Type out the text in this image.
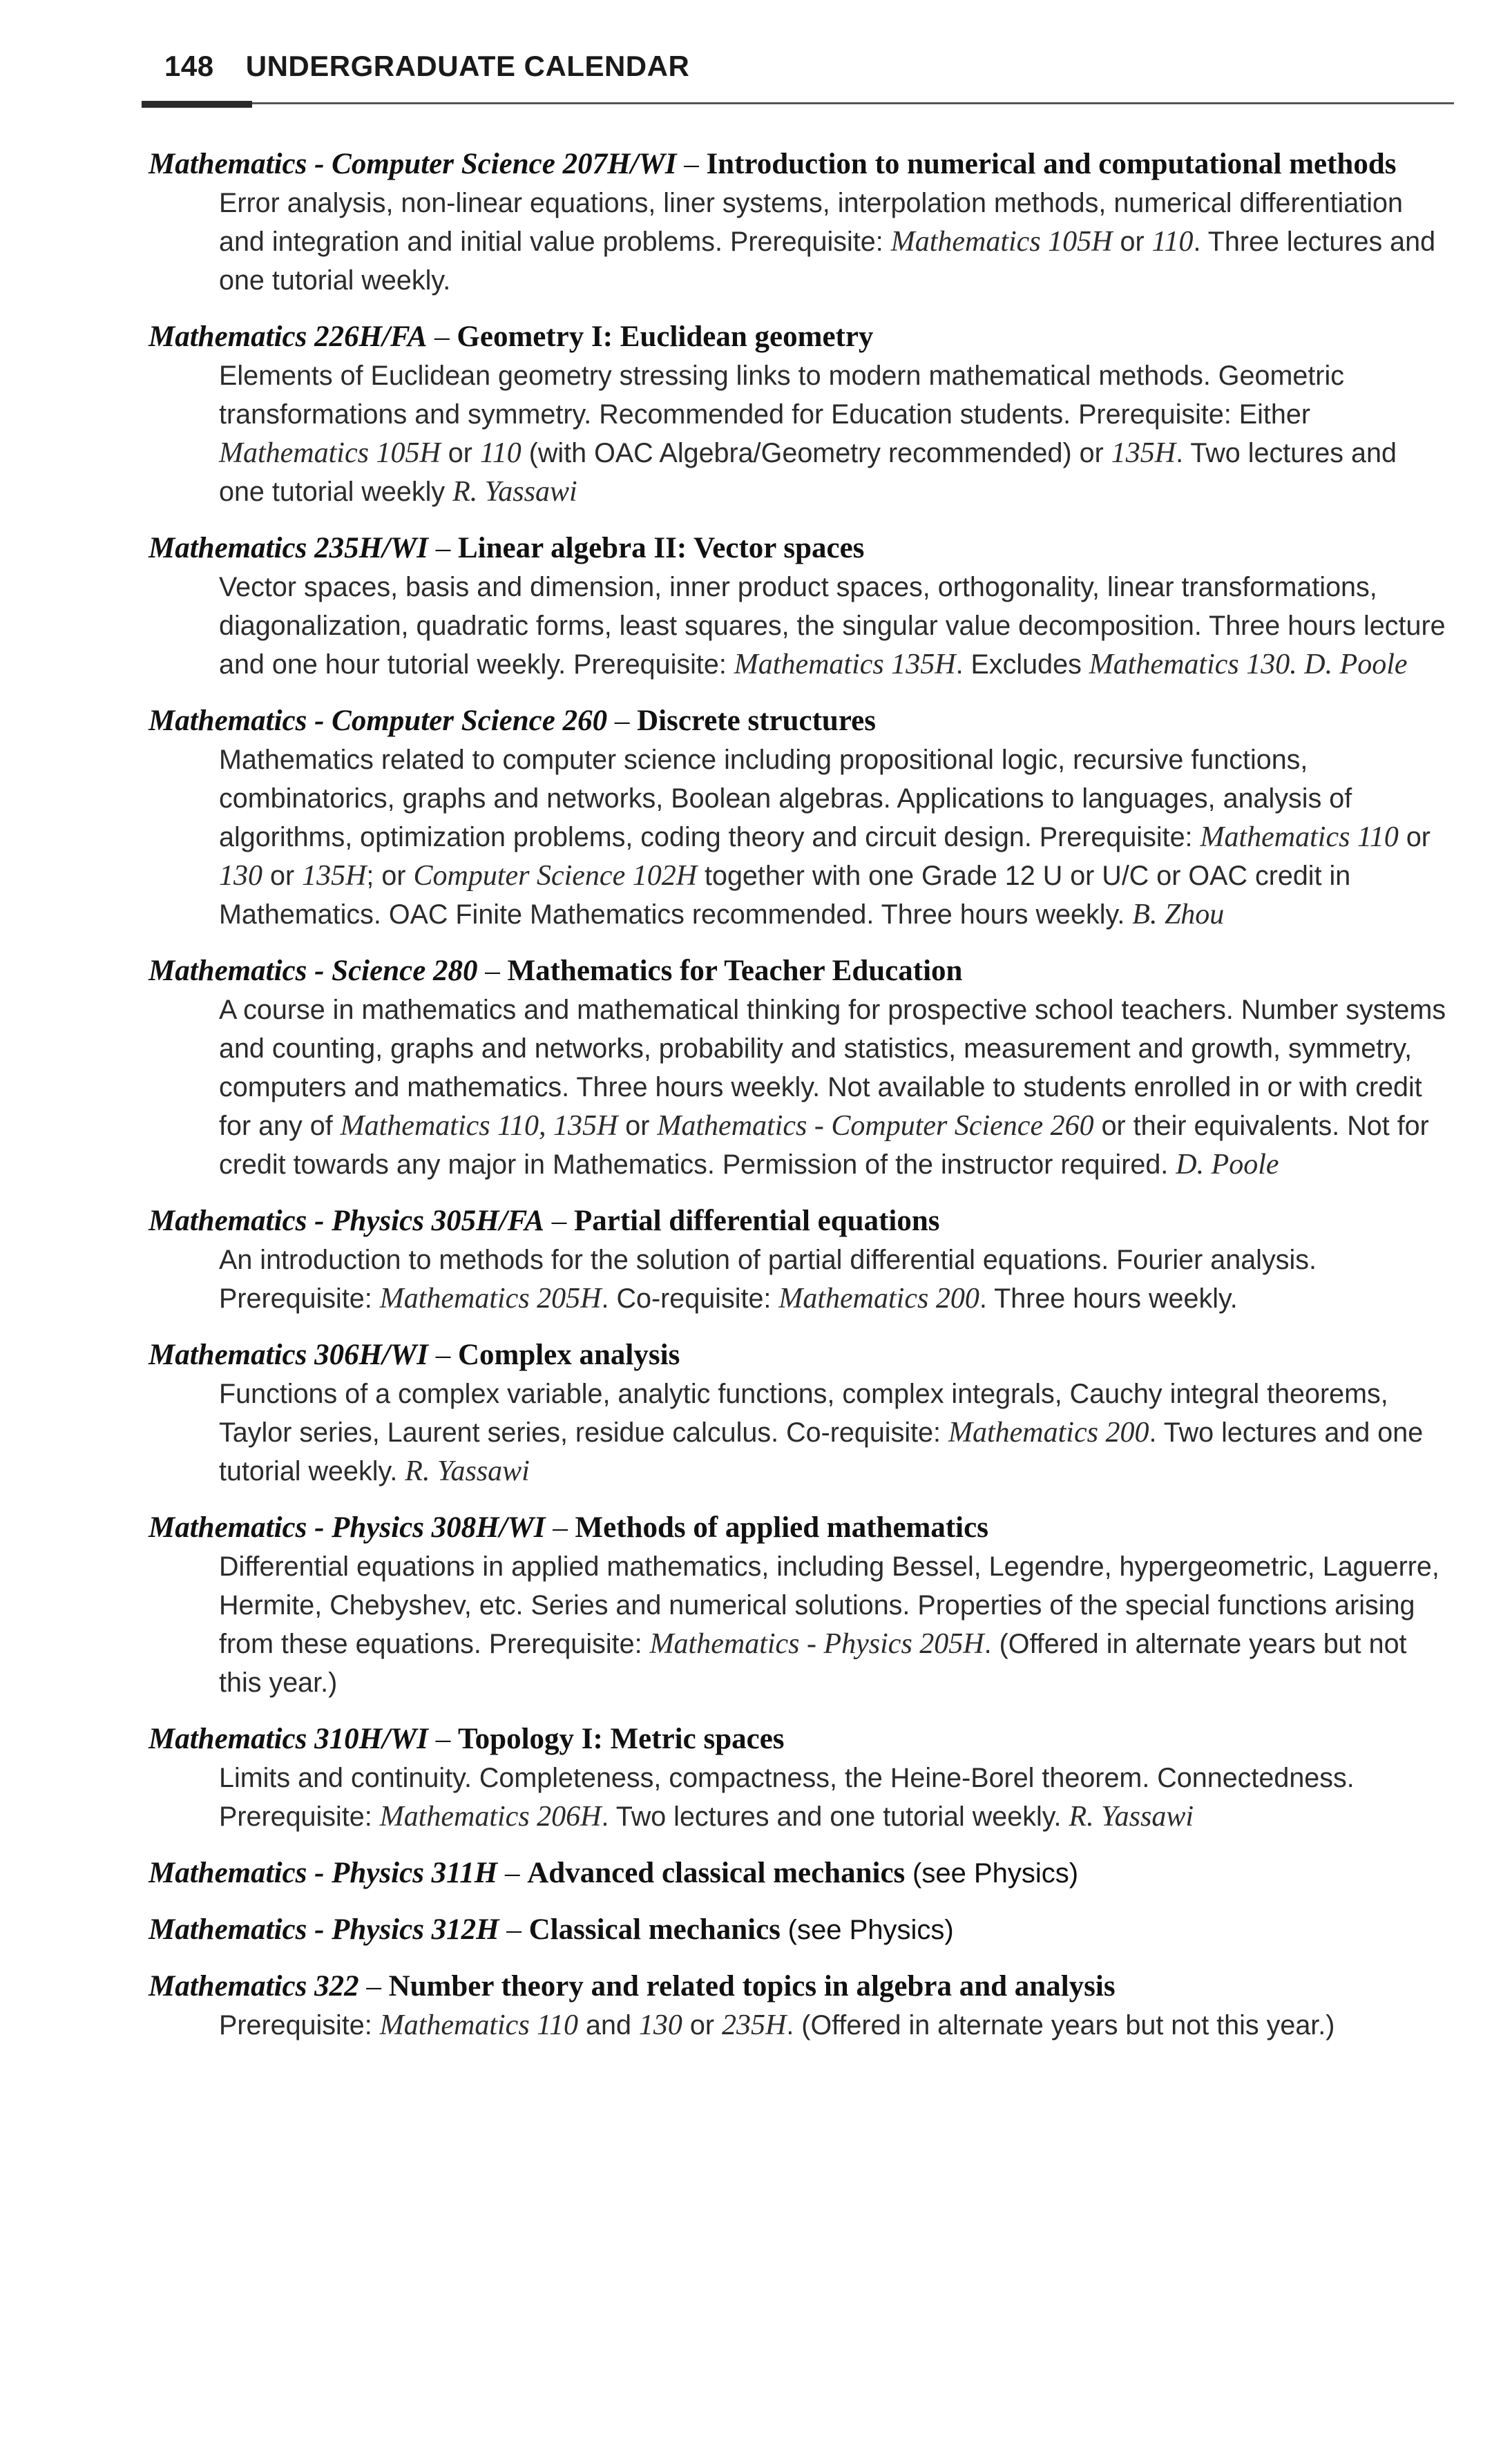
148 UNDERGRADUATE CALENDAR
Mathematics - Computer Science 207H/WI – Introduction to numerical and computational methods
Error analysis, non-linear equations, liner systems, interpolation methods, numerical differentiation and integration and initial value problems. Prerequisite: Mathematics 105H or 110. Three lectures and one tutorial weekly.
Mathematics 226H/FA – Geometry I: Euclidean geometry
Elements of Euclidean geometry stressing links to modern mathematical methods. Geometric transformations and symmetry. Recommended for Education students. Prerequisite: Either Mathematics 105H or 110 (with OAC Algebra/Geometry recommended) or 135H. Two lectures and one tutorial weekly R. Yassawi
Mathematics 235H/WI – Linear algebra II: Vector spaces
Vector spaces, basis and dimension, inner product spaces, orthogonality, linear transformations, diagonalization, quadratic forms, least squares, the singular value decomposition. Three hours lecture and one hour tutorial weekly. Prerequisite: Mathematics 135H. Excludes Mathematics 130. D. Poole
Mathematics - Computer Science 260 – Discrete structures
Mathematics related to computer science including propositional logic, recursive functions, combinatorics, graphs and networks, Boolean algebras. Applications to languages, analysis of algorithms, optimization problems, coding theory and circuit design. Prerequisite: Mathematics 110 or 130 or 135H; or Computer Science 102H together with one Grade 12 U or U/C or OAC credit in Mathematics. OAC Finite Mathematics recommended. Three hours weekly. B. Zhou
Mathematics - Science 280 – Mathematics for Teacher Education
A course in mathematics and mathematical thinking for prospective school teachers. Number systems and counting, graphs and networks, probability and statistics, measurement and growth, symmetry, computers and mathematics. Three hours weekly. Not available to students enrolled in or with credit for any of Mathematics 110, 135H or Mathematics - Computer Science 260 or their equivalents. Not for credit towards any major in Mathematics. Permission of the instructor required. D. Poole
Mathematics - Physics 305H/FA – Partial differential equations
An introduction to methods for the solution of partial differential equations. Fourier analysis. Prerequisite: Mathematics 205H. Co-requisite: Mathematics 200. Three hours weekly.
Mathematics 306H/WI – Complex analysis
Functions of a complex variable, analytic functions, complex integrals, Cauchy integral theorems, Taylor series, Laurent series, residue calculus. Co-requisite: Mathematics 200. Two lectures and one tutorial weekly. R. Yassawi
Mathematics - Physics 308H/WI – Methods of applied mathematics
Differential equations in applied mathematics, including Bessel, Legendre, hypergeometric, Laguerre, Hermite, Chebyshev, etc. Series and numerical solutions. Properties of the special functions arising from these equations. Prerequisite: Mathematics - Physics 205H. (Offered in alternate years but not this year.)
Mathematics 310H/WI – Topology I: Metric spaces
Limits and continuity. Completeness, compactness, the Heine-Borel theorem. Connectedness. Prerequisite: Mathematics 206H. Two lectures and one tutorial weekly. R. Yassawi
Mathematics - Physics 311H – Advanced classical mechanics (see Physics)
Mathematics - Physics 312H – Classical mechanics (see Physics)
Mathematics 322 – Number theory and related topics in algebra and analysis
Prerequisite: Mathematics 110 and 130 or 235H. (Offered in alternate years but not this year.)
